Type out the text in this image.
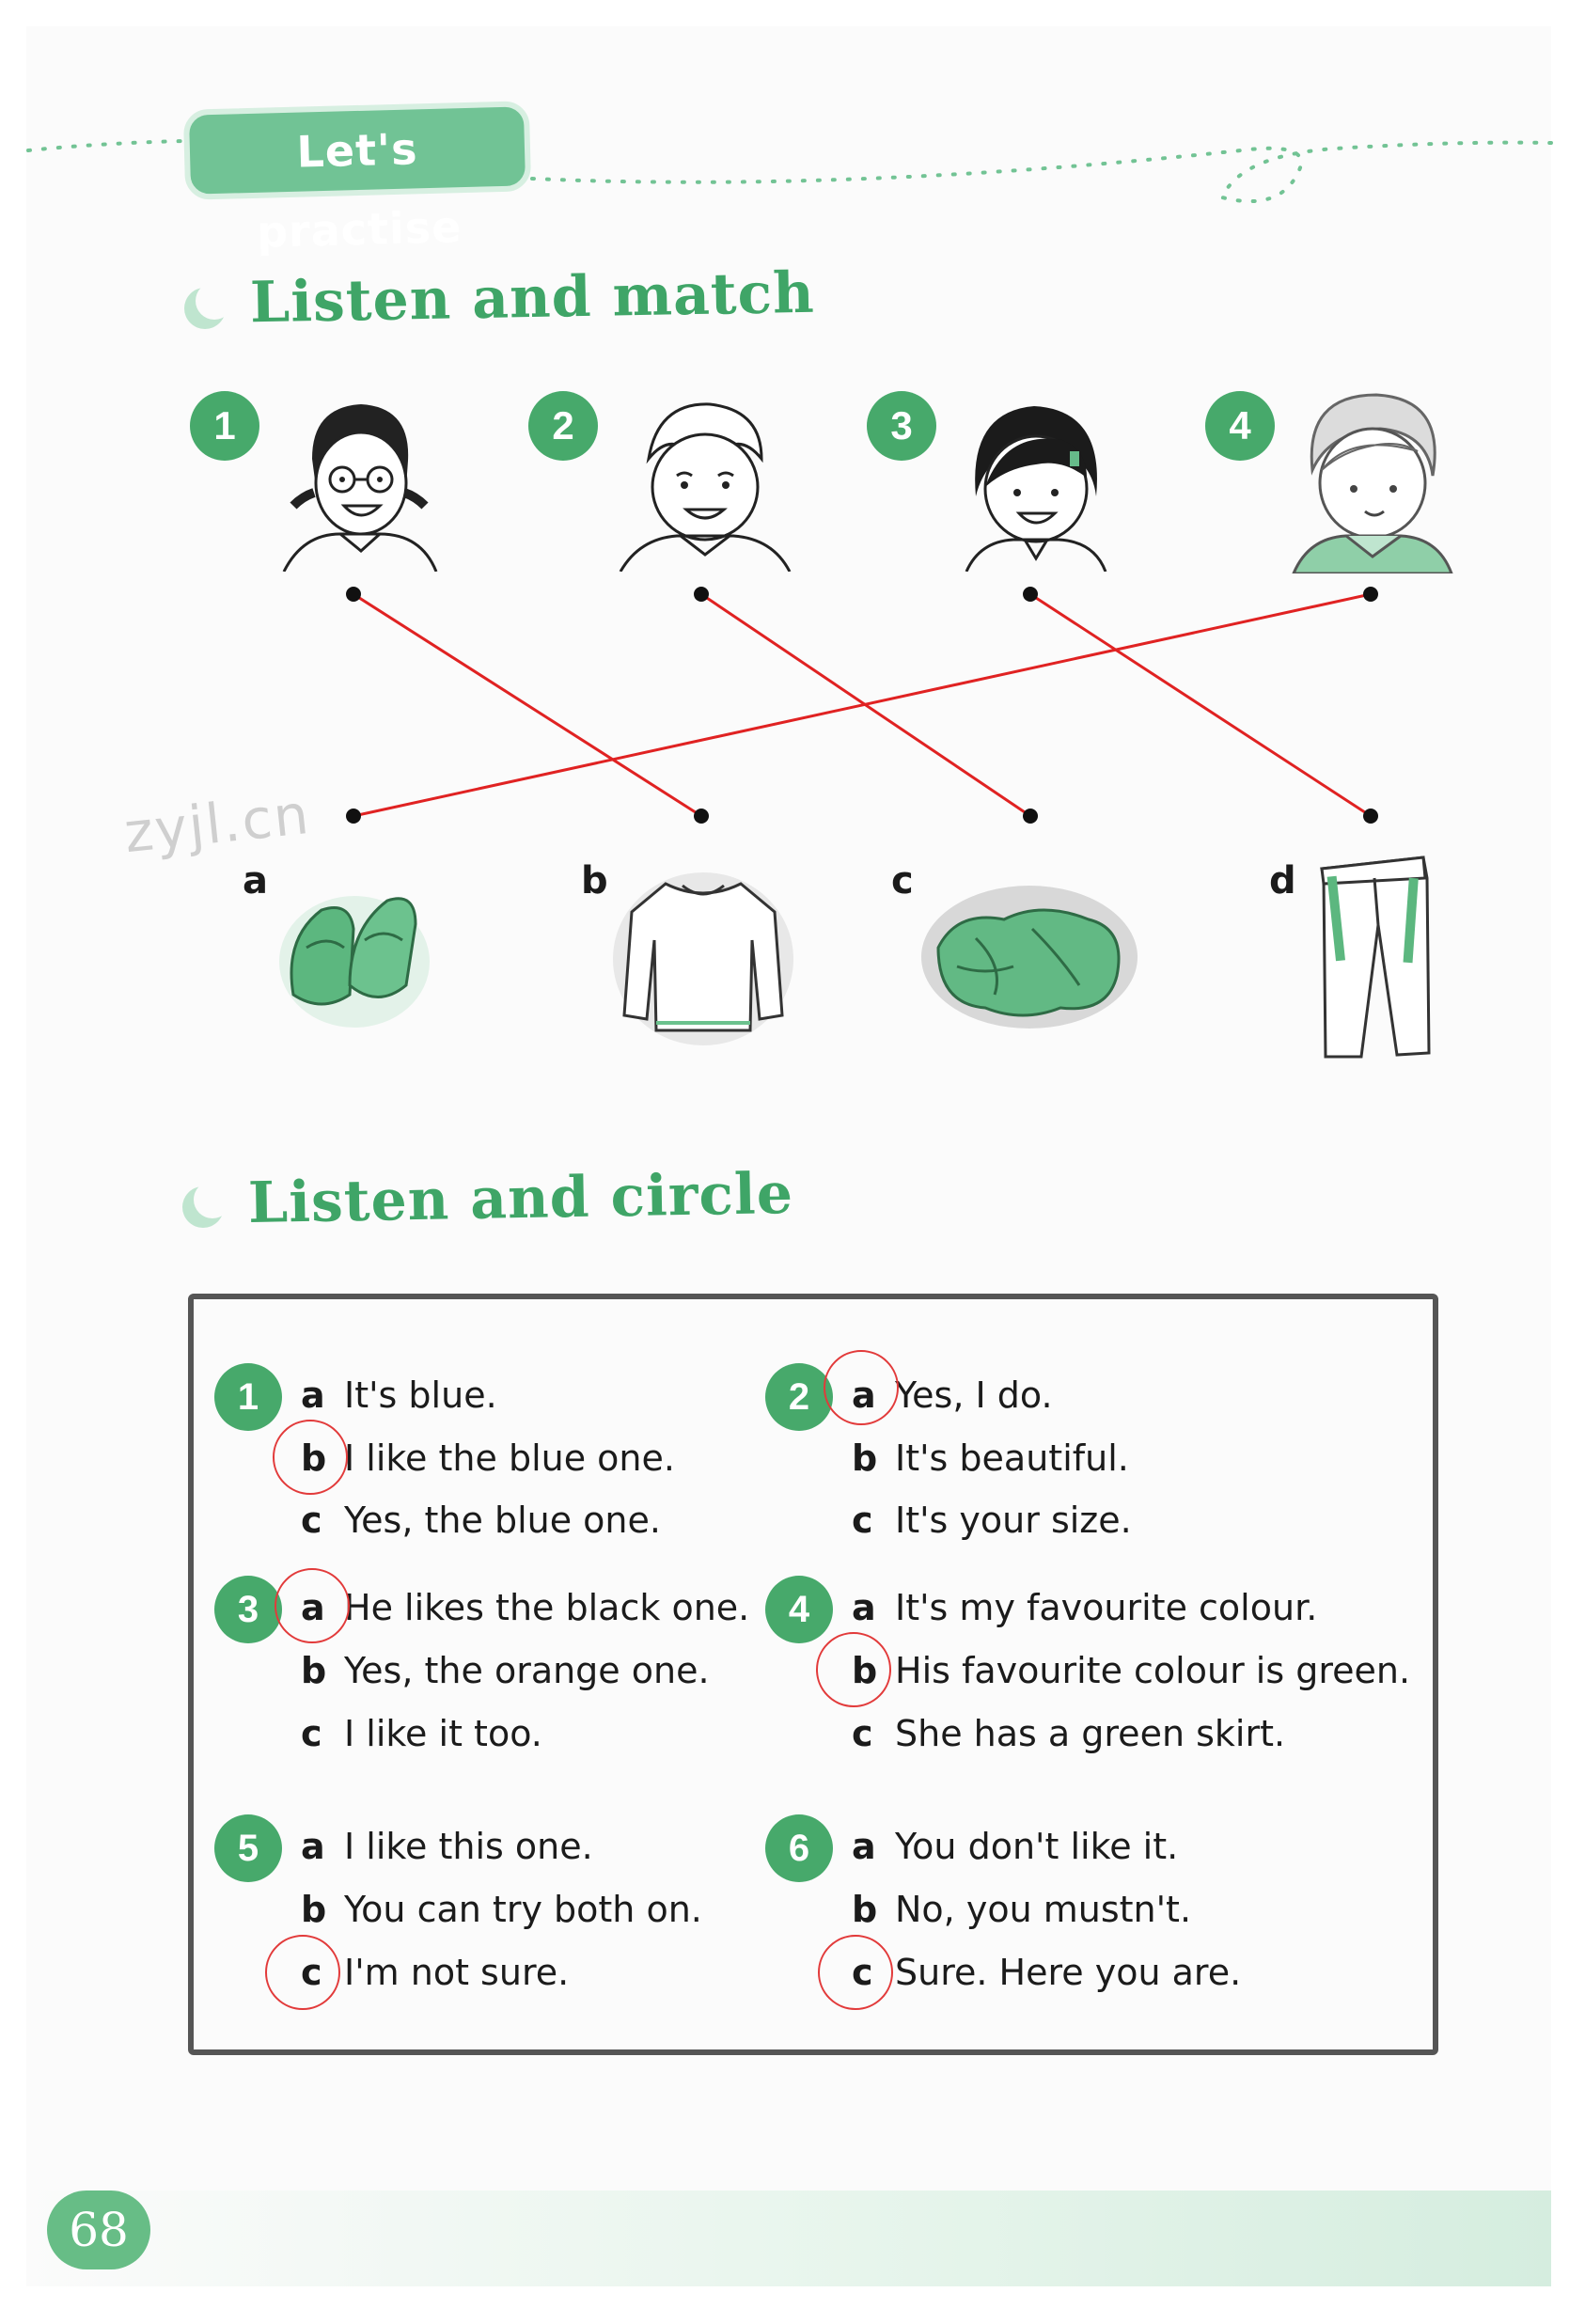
Let's practise
Listen and match
1	2	3	4
zyjl.cn
a	b	c	d
Listen and circle
1	a It's blue.
b I like the blue one.
c Yes, the blue one.
2	a Yes, I do.
b It's beautiful.
c It's your size.
3	a He likes the black one.
b Yes, the orange one.
c I like it too.
4	a It's my favourite colour.
b His favourite colour is green.
c She has a green skirt.
5	a I like this one.
b You can try both on.
c I'm not sure.
6	a You don't like it.
b No, you mustn't.
c Sure. Here you are.
68
